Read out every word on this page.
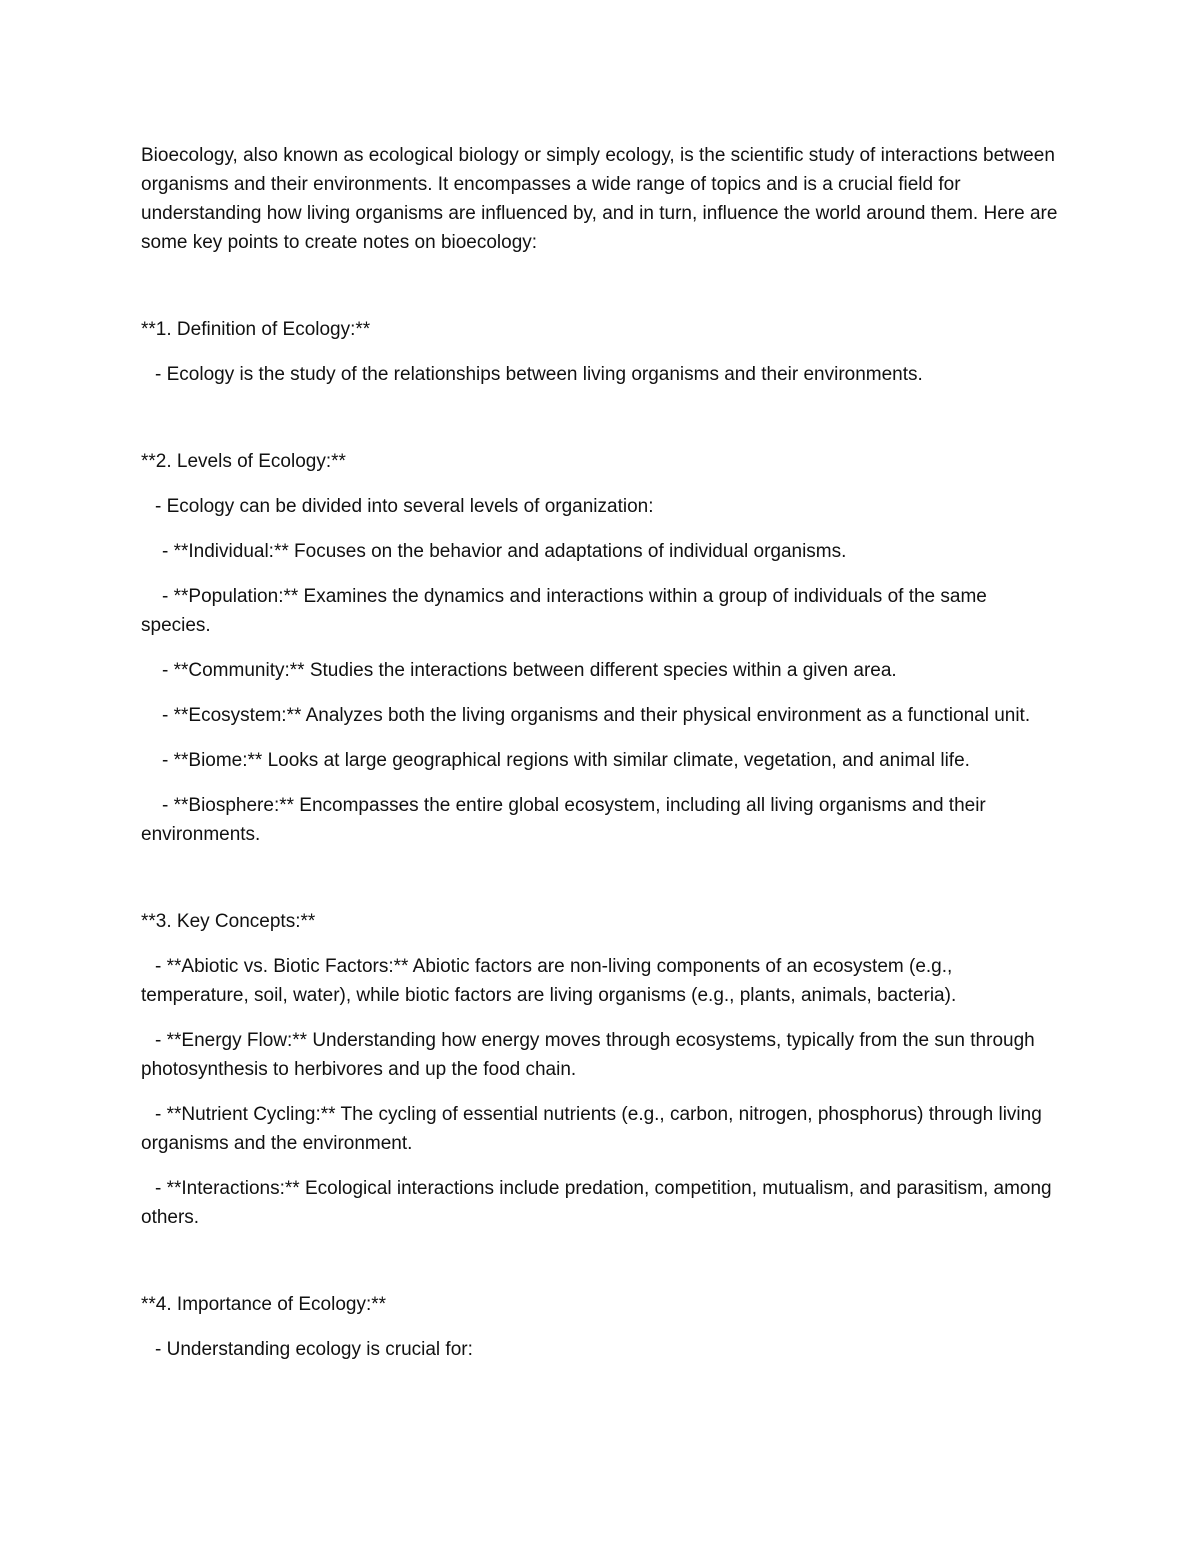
Bioecology, also known as ecological biology or simply ecology, is the scientific study of interactions between organisms and their environments. It encompasses a wide range of topics and is a crucial field for understanding how living organisms are influenced by, and in turn, influence the world around them. Here are some key points to create notes on bioecology:

**1. Definition of Ecology:**

- Ecology is the study of the relationships between living organisms and their environments.

**2. Levels of Ecology:**

- Ecology can be divided into several levels of organization:

- **Individual:** Focuses on the behavior and adaptations of individual organisms.

- **Population:** Examines the dynamics and interactions within a group of individuals of the same species.

- **Community:** Studies the interactions between different species within a given area.

- **Ecosystem:** Analyzes both the living organisms and their physical environment as a functional unit.

- **Biome:** Looks at large geographical regions with similar climate, vegetation, and animal life.

- **Biosphere:** Encompasses the entire global ecosystem, including all living organisms and their environments.

**3. Key Concepts:**

- **Abiotic vs. Biotic Factors:** Abiotic factors are non-living components of an ecosystem (e.g., temperature, soil, water), while biotic factors are living organisms (e.g., plants, animals, bacteria).

- **Energy Flow:** Understanding how energy moves through ecosystems, typically from the sun through photosynthesis to herbivores and up the food chain.

- **Nutrient Cycling:** The cycling of essential nutrients (e.g., carbon, nitrogen, phosphorus) through living organisms and the environment.

- **Interactions:** Ecological interactions include predation, competition, mutualism, and parasitism, among others.

**4. Importance of Ecology:**

- Understanding ecology is crucial for:
